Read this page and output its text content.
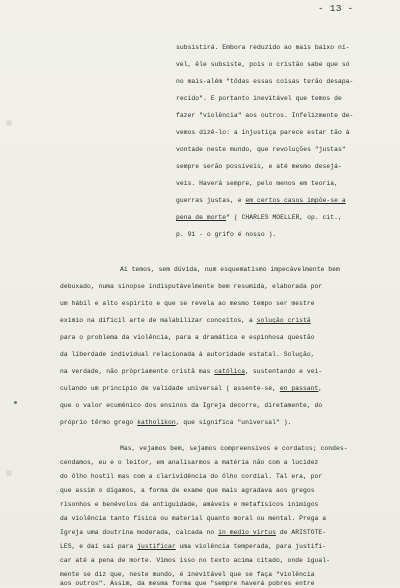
- 13 -
subsistirá. Embora reduzido ao mais baixo ní-
vel, êle subsiste, pois o cristão sabe que só
no mais-além "tôdas essas coisas terão desapa-
recido". E portanto inevitável que temos de
fazer "violência" aos outros. Infelizmente de-
vemos dizê-lo: a injustiça parece estar tão à
vontade neste mundo, que revoluções "justas"
sempre serão possíveis, e até mesmo desejá-
veis. Haverá sempre, pelo menos em teoria,
guerras justas, e em certos casos impõe-se a
pena de morte" ( CHARLES MOELLER, op. cit.,
p. 91 - o grifo é nosso ).
Aí temos, sem dúvida, num esquematismo impecàvelmente bem
debuxado, numa sinopse indisputàvelmente bem resumida, elaborada por
um hábil e alto espírito e que se revela ao mesmo tempo ser mestre
eximio na difícil arte de malabilizar conceitos, a solução cristã
para o problema da violência, para a dramática e espinhosa questão
da liberdade individual relacionada à autoridade estatal. Solução,
na verdade, não pròpriamente cristã mas católica, sustentando e vei-
culando um princípio de validade universal ( assente-se, en passant,
que o valor ecumênico dos ensinos da Igreja decorre, diretamente, do
próprio têrmo grego katholikon, que significa "universal" ).
Mas, vejamos bem, sejamos compreensivos e cordatos; condes-
cendamos, eu e o leitor, em analisarmos a matéria não com a lucidez
do ôlho hostil mas com a clarividência do ôlho cordial. Tal era, por
que assim o digamos, a forma de exame que mais agradava aos gregos
risonhos e benévolos da antiguidade, amáveis e metafísicos inimigos
da violência tanto física ou material quanto moral ou mental. Prega a
Igreja uma doutrina moderada, calcada no in medio virtus de ARISTOTE-
LES, e daí sai para justificar uma violência temperada, para justifi-
car até a pena de morte. Vimos isso no texto acima citado, onde igual-
mente se diz que, neste mundo, é inevitável que se faça "violência
aos outros". Assim, da mesma forma que "sempre haverá pobres entre
